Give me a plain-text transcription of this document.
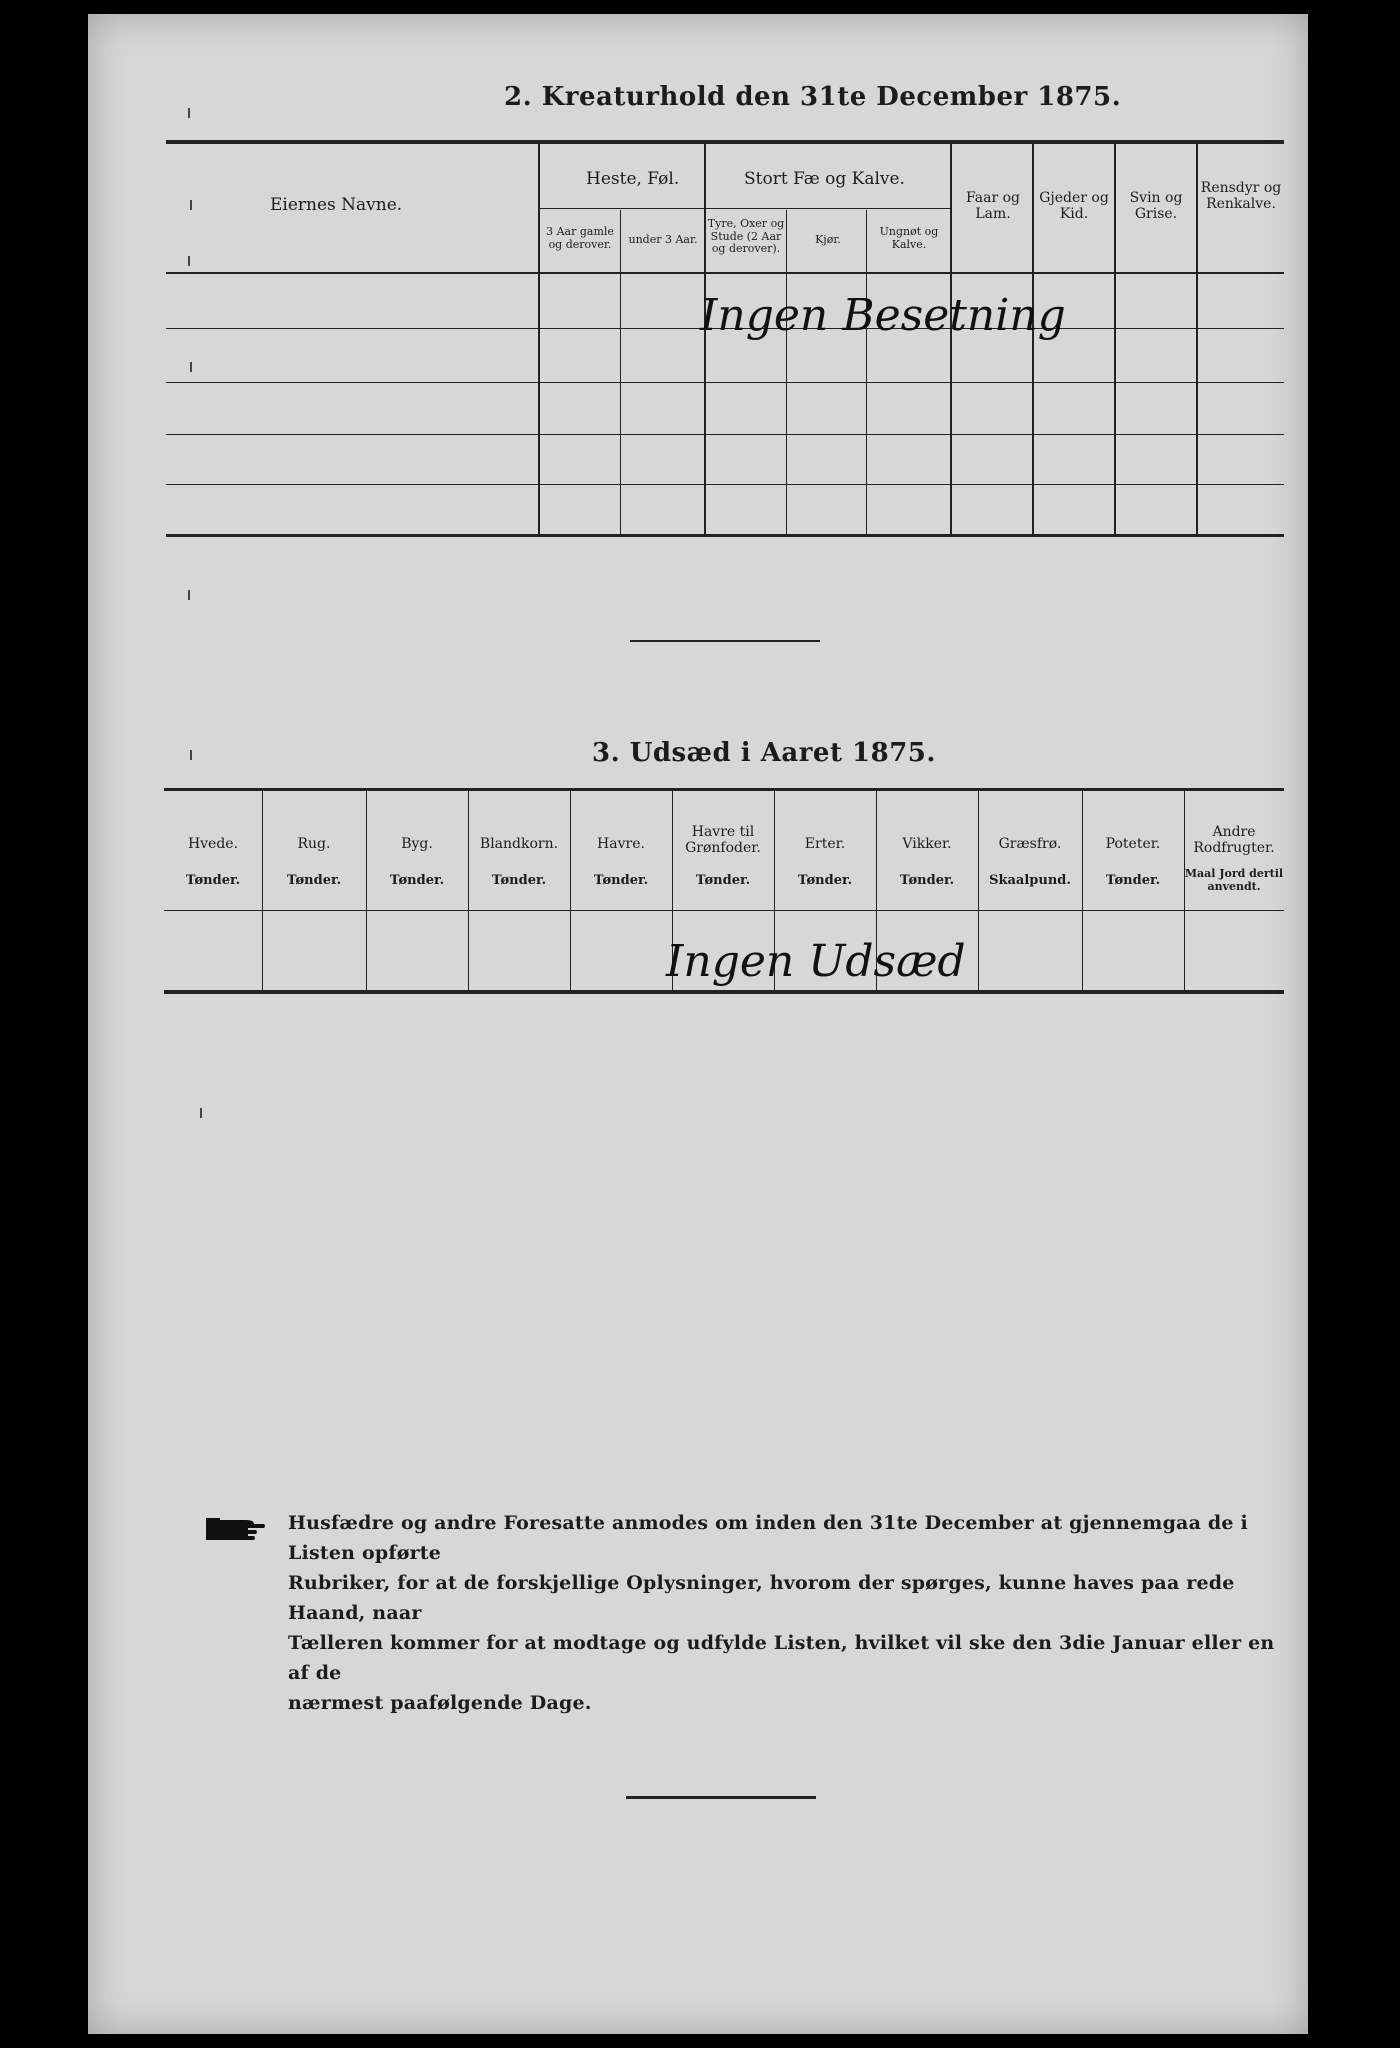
2. Kreaturhold den 31te December 1875.
Eiernes Navne.
Heste, Føl.
3 Aar gamle og derover.	under 3 Aar.
Stort Fæ og Kalve.
Tyre, Oxer og Stude (2 Aar og derover).
Kjør.
Ungnøt og Kalve.
Faar og Lam.
Gjeder og Kid.
Svin og Grise.
Rensdyr og Renkalve.
Ingen Besetning
3. Udsæd i Aaret 1875.
Hvede.
Tønder.
Rug.
Tønder.
Byg.
Tønder.
Blandkorn.
Tønder.
Havre.
Tønder.
Havre til Grønfoder.
Tønder.
Erter.
Tønder.
Vikker.
Tønder.
Græsfrø.
Skaalpund.
Poteter.
Tønder.
Andre Rodfrugter.
Maal Jord dertil anvendt.
Ingen Udsæd
Husfædre og andre Foresatte anmodes om inden den 31te December at gjennemgaa de i Listen opførte
Rubriker, for at de forskjellige Oplysninger, hvorom der spørges, kunne haves paa rede Haand, naar
Tælleren kommer for at modtage og udfylde Listen, hvilket vil ske den 3die Januar eller en af de
nærmest paafølgende Dage.
